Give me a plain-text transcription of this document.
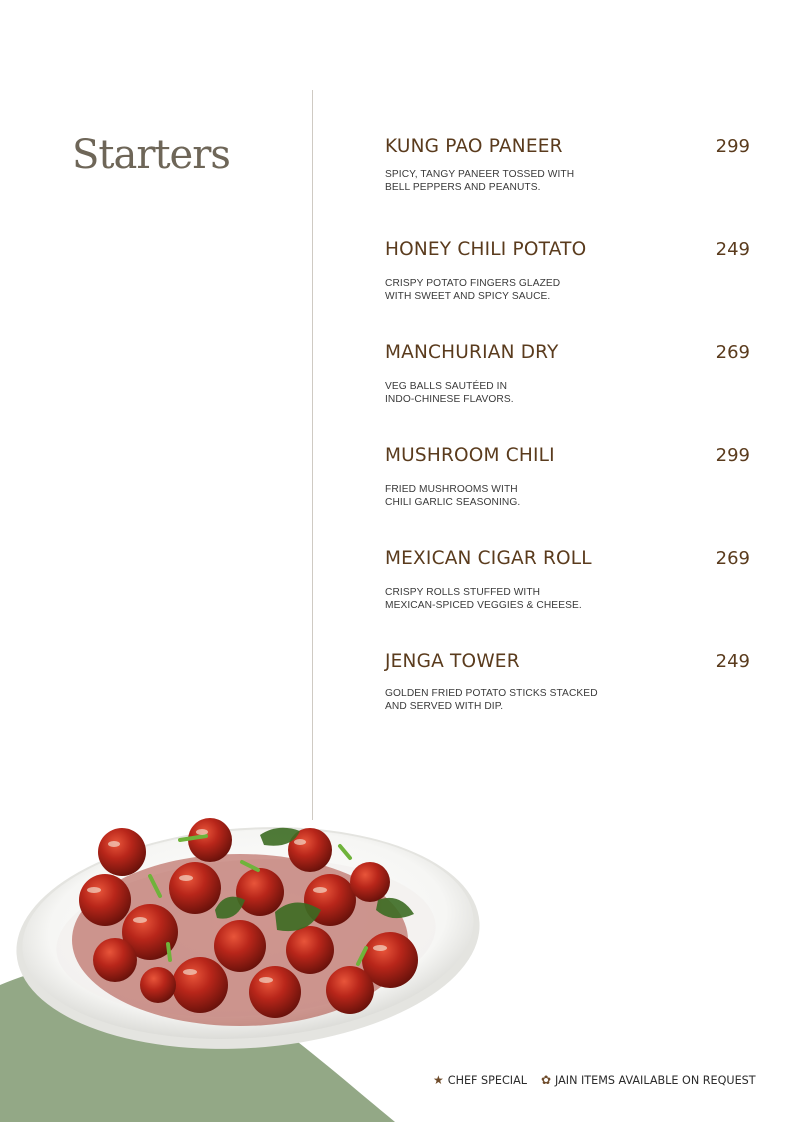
Starters	KUNG PAO PANEER	299
SPICY, TANGY PANEER TOSSED WITH
BELL PEPPERS AND PEANUTS.
HONEY CHILI POTATO	249
CRISPY POTATO FINGERS GLAZED
WITH SWEET AND SPICY SAUCE.
MANCHURIAN DRY	269
VEG BALLS SAUTÉED IN
INDO-CHINESE FLAVORS.
MUSHROOM CHILI	299
FRIED MUSHROOMS WITH
CHILI GARLIC SEASONING.
MEXICAN CIGAR ROLL	269
CRISPY ROLLS STUFFED WITH
MEXICAN-SPICED VEGGIES & CHEESE.
JENGA TOWER	249
GOLDEN FRIED POTATO STICKS STACKED
AND SERVED WITH DIP.
★ CHEF SPECIAL ✿ JAIN ITEMS AVAILABLE ON REQUEST
